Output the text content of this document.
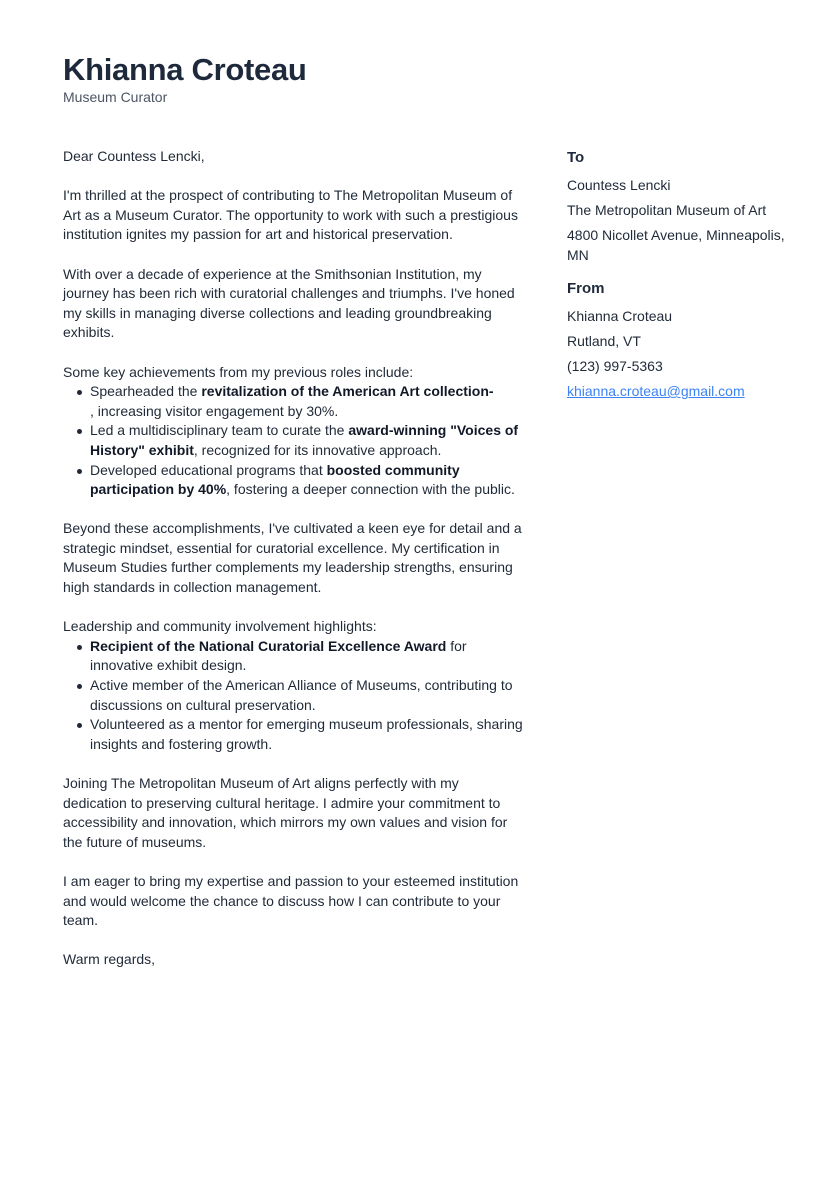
Khianna Croteau
Museum Curator

Dear Countess Lencki,

I'm thrilled at the prospect of contributing to The Metropolitan Museum of Art as a Museum Curator. The opportunity to work with such a prestigious institution ignites my passion for art and historical preservation.

With over a decade of experience at the Smithsonian Institution, my journey has been rich with curatorial challenges and triumphs. I've honed my skills in managing diverse collections and leading groundbreaking exhibits.

Some key achievements from my previous roles include:

Spearheaded the revitalization of the American Art collection-
, increasing visitor engagement by 30%.
Led a multidisciplinary team to curate the award-winning "Voices of History" exhibit, recognized for its innovative approach.
Developed educational programs that boosted community participation by 40%, fostering a deeper connection with the public.

Beyond these accomplishments, I've cultivated a keen eye for detail and a strategic mindset, essential for curatorial excellence. My certification in Museum Studies further complements my leadership strengths, ensuring high standards in collection management.

Leadership and community involvement highlights:

Recipient of the National Curatorial Excellence Award for innovative exhibit design.
Active member of the American Alliance of Museums, contributing to discussions on cultural preservation.
Volunteered as a mentor for emerging museum professionals, sharing insights and fostering growth.

Joining The Metropolitan Museum of Art aligns perfectly with my dedication to preserving cultural heritage. I admire your commitment to accessibility and innovation, which mirrors my own values and vision for the future of museums.

I am eager to bring my expertise and passion to your esteemed institution and would welcome the chance to discuss how I can contribute to your team.

Warm regards,

To
Countess Lencki
The Metropolitan Museum of Art
4800 Nicollet Avenue, Minneapolis, MN
From
Khianna Croteau
Rutland, VT
(123) 997-5363
khianna.croteau@gmail.com
